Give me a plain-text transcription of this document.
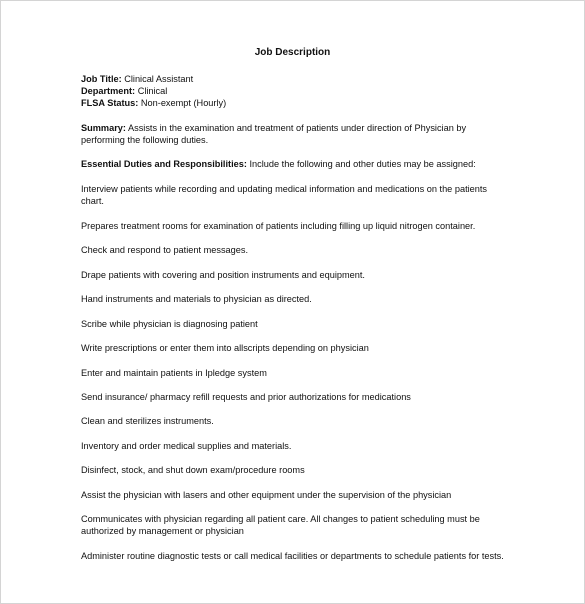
Job Description
Job Title: Clinical Assistant
Department: Clinical
FLSA Status: Non-exempt (Hourly)
Summary: Assists in the examination and treatment of patients under direction of Physician by performing the following duties.
Essential Duties and Responsibilities: Include the following and other duties may be assigned:
Interview patients while recording and updating medical information and medications on the patients chart.
Prepares treatment rooms for examination of patients including filling up liquid nitrogen container.
Check and respond to patient messages.
Drape patients with covering and position instruments and equipment.
Hand instruments and materials to physician as directed.
Scribe while physician is diagnosing patient
Write prescriptions or enter them into allscripts depending on physician
Enter and maintain patients in Ipledge system
Send insurance/ pharmacy refill requests and prior authorizations for medications
Clean and sterilizes instruments.
Inventory and order medical supplies and materials.
Disinfect, stock, and shut down exam/procedure rooms
Assist the physician with lasers and other equipment under the supervision of the physician
Communicates with physician regarding all patient care. All changes to patient scheduling must be authorized by management or physician
Administer routine diagnostic tests or call medical facilities or departments to schedule patients for tests.
